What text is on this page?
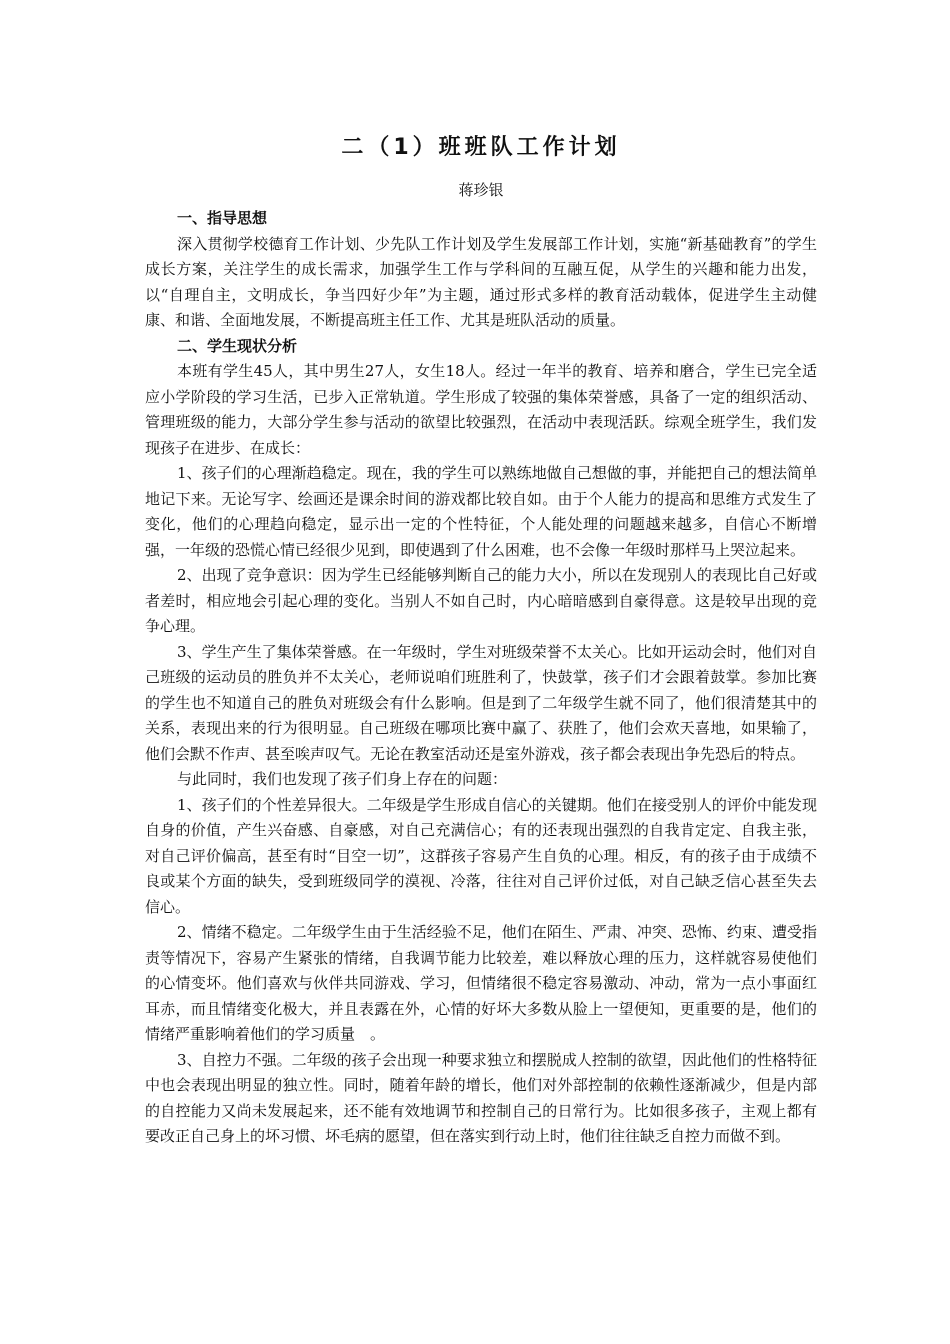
二（1）班班队工作计划
蒋珍银
一、指导思想

深入贯彻学校德育工作计划、少先队工作计划及学生发展部工作计划，实施“新基础教育”的学生成长方案，关注学生的成长需求，加强学生工作与学科间的互融互促，从学生的兴趣和能力出发，以“自理自主，文明成长，争当四好少年”为主题，通过形式多样的教育活动载体，促进学生主动健康、和谐、全面地发展，不断提高班主任工作、尤其是班队活动的质量。

二、学生现状分析

本班有学生45人，其中男生27人，女生18人。经过一年半的教育、培养和磨合，学生已完全适应小学阶段的学习生活，已步入正常轨道。学生形成了较强的集体荣誉感，具备了一定的组织活动、管理班级的能力，大部分学生参与活动的欲望比较强烈，在活动中表现活跃。综观全班学生，我们发现孩子在进步、在成长：

1、孩子们的心理渐趋稳定。现在，我的学生可以熟练地做自己想做的事，并能把自己的想法简单地记下来。无论写字、绘画还是课余时间的游戏都比较自如。由于个人能力的提高和思维方式发生了变化，他们的心理趋向稳定，显示出一定的个性特征，个人能处理的问题越来越多，自信心不断增强，一年级的恐慌心情已经很少见到，即使遇到了什么困难，也不会像一年级时那样马上哭泣起来。

2、出现了竞争意识：因为学生已经能够判断自己的能力大小，所以在发现别人的表现比自己好或者差时，相应地会引起心理的变化。当别人不如自己时，内心暗暗感到自豪得意。这是较早出现的竞争心理。

3、学生产生了集体荣誉感。在一年级时，学生对班级荣誉不太关心。比如开运动会时，他们对自己班级的运动员的胜负并不太关心，老师说咱们班胜利了，快鼓掌，孩子们才会跟着鼓掌。参加比赛的学生也不知道自己的胜负对班级会有什么影响。但是到了二年级学生就不同了，他们很清楚其中的关系，表现出来的行为很明显。自己班级在哪项比赛中赢了、获胜了，他们会欢天喜地，如果输了，他们会默不作声、甚至唉声叹气。无论在教室活动还是室外游戏，孩子都会表现出争先恐后的特点。

与此同时，我们也发现了孩子们身上存在的问题：

1、孩子们的个性差异很大。二年级是学生形成自信心的关键期。他们在接受别人的评价中能发现自身的价值，产生兴奋感、自豪感，对自己充满信心；有的还表现出强烈的自我肯定定、自我主张，对自己评价偏高，甚至有时“目空一切”，这群孩子容易产生自负的心理。相反，有的孩子由于成绩不良或某个方面的缺失，受到班级同学的漠视、冷落，往往对自己评价过低，对自己缺乏信心甚至失去信心。

2、情绪不稳定。二年级学生由于生活经验不足，他们在陌生、严肃、冲突、恐怖、约束、遭受指责等情况下，容易产生紧张的情绪，自我调节能力比较差，难以释放心理的压力，这样就容易使他们的心情变坏。他们喜欢与伙伴共同游戏、学习，但情绪很不稳定容易激动、冲动，常为一点小事面红耳赤，而且情绪变化极大，并且表露在外，心情的好坏大多数从脸上一望便知，更重要的是，他们的情绪严重影响着他们的学习质量　。

3、自控力不强。二年级的孩子会出现一种要求独立和摆脱成人控制的欲望，因此他们的性格特征中也会表现出明显的独立性。同时，随着年龄的增长，他们对外部控制的依赖性逐渐减少，但是内部的自控能力又尚未发展起来，还不能有效地调节和控制自己的日常行为。比如很多孩子，主观上都有要改正自己身上的坏习惯、坏毛病的愿望，但在落实到行动上时，他们往往缺乏自控力而做不到。
